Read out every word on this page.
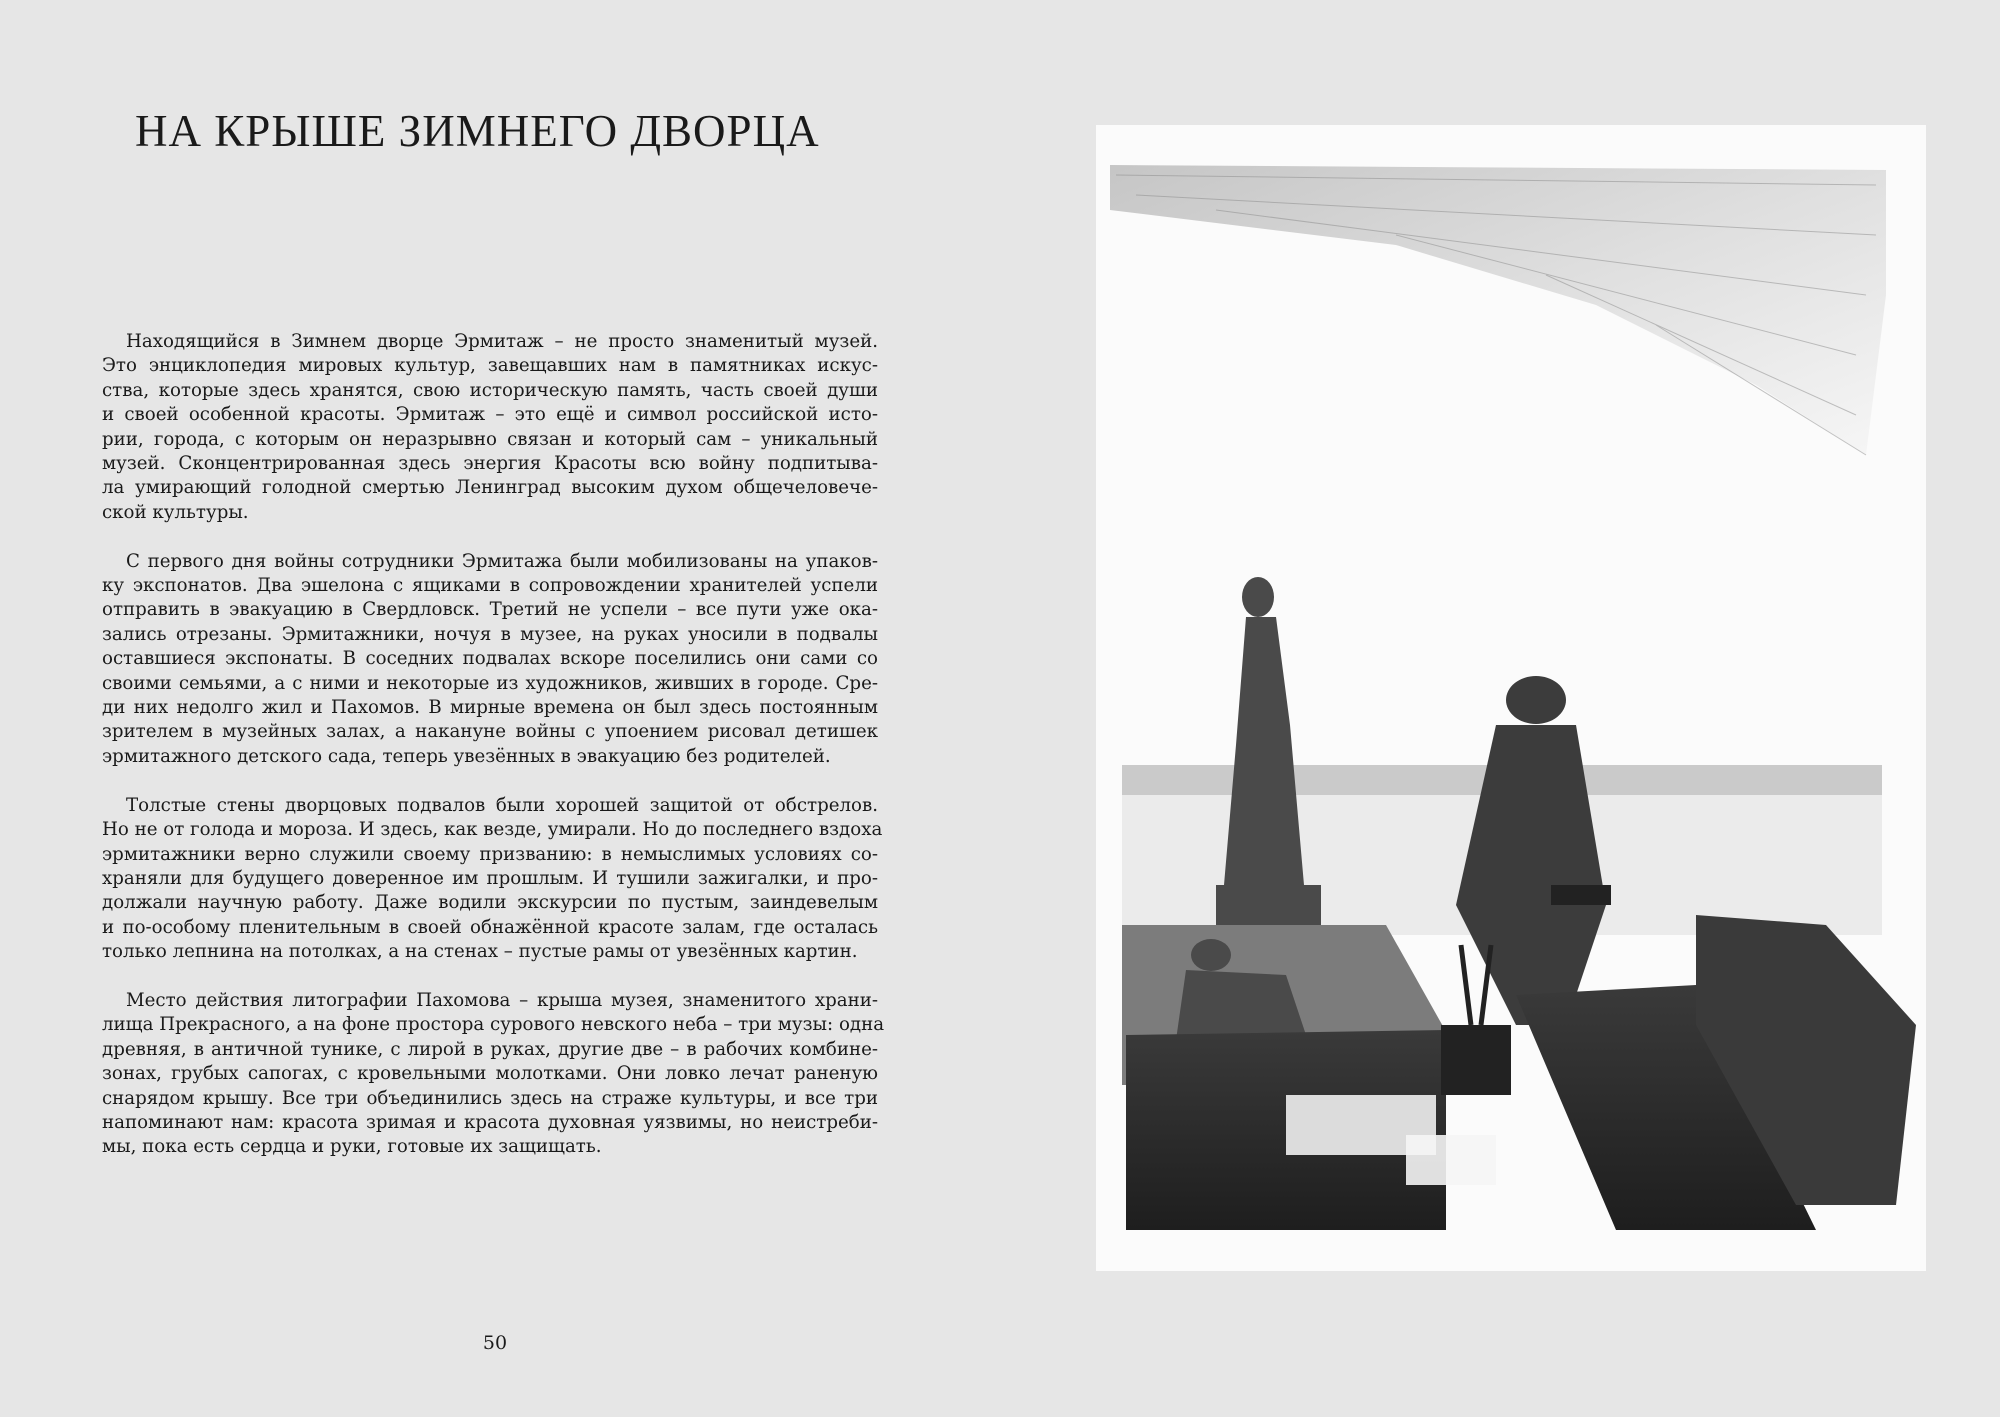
НА КРЫШЕ ЗИМНЕГО ДВОРЦА
Находящийся в Зимнем дворце Эрмитаж – не просто знаменитый музей.
Это энциклопедия мировых культур, завещавших нам в памятниках искус-
ства, которые здесь хранятся, свою историческую память, часть своей души
и своей особенной красоты. Эрмитаж – это ещё и символ российской исто-
рии, города, с которым он неразрывно связан и который сам – уникальный
музей. Сконцентрированная здесь энергия Красоты всю войну подпитыва-
ла умирающий голодной смертью Ленинград высоким духом общечеловече-
ской культуры.
С первого дня войны сотрудники Эрмитажа были мобилизованы на упаков-
ку экспонатов. Два эшелона с ящиками в сопровождении хранителей успели
отправить в эвакуацию в Свердловск. Третий не успели – все пути уже ока-
зались отрезаны. Эрмитажники, ночуя в музее, на руках уносили в подвалы
оставшиеся экспонаты. В соседних подвалах вскоре поселились они сами со
своими семьями, а с ними и некоторые из художников, живших в городе. Сре-
ди них недолго жил и Пахомов. В мирные времена он был здесь постоянным
зрителем в музейных залах, а накануне войны с упоением рисовал детишек
эрмитажного детского сада, теперь увезённых в эвакуацию без родителей.
Толстые стены дворцовых подвалов были хорошей защитой от обстрелов.
Но не от голода и мороза. И здесь, как везде, умирали. Но до последнего вздоха
эрмитажники верно служили своему призванию: в немыслимых условиях со-
храняли для будущего доверенное им прошлым. И тушили зажигалки, и про-
должали научную работу. Даже водили экскурсии по пустым, заиндевелым
и по-особому пленительным в своей обнажённой красоте залам, где осталась
только лепнина на потолках, а на стенах – пустые рамы от увезённых картин.
Место действия литографии Пахомова – крыша музея, знаменитого храни-
лища Прекрасного, а на фоне простора сурового невского неба – три музы: одна
древняя, в античной тунике, с лирой в руках, другие две – в рабочих комбине-
зонах, грубых сапогах, с кровельными молотками. Они ловко лечат раненую
снарядом крышу. Все три объединились здесь на страже культуры, и все три
напоминают нам: красота зримая и красота духовная уязвимы, но неистреби-
мы, пока есть сердца и руки, готовые их защищать.
50
